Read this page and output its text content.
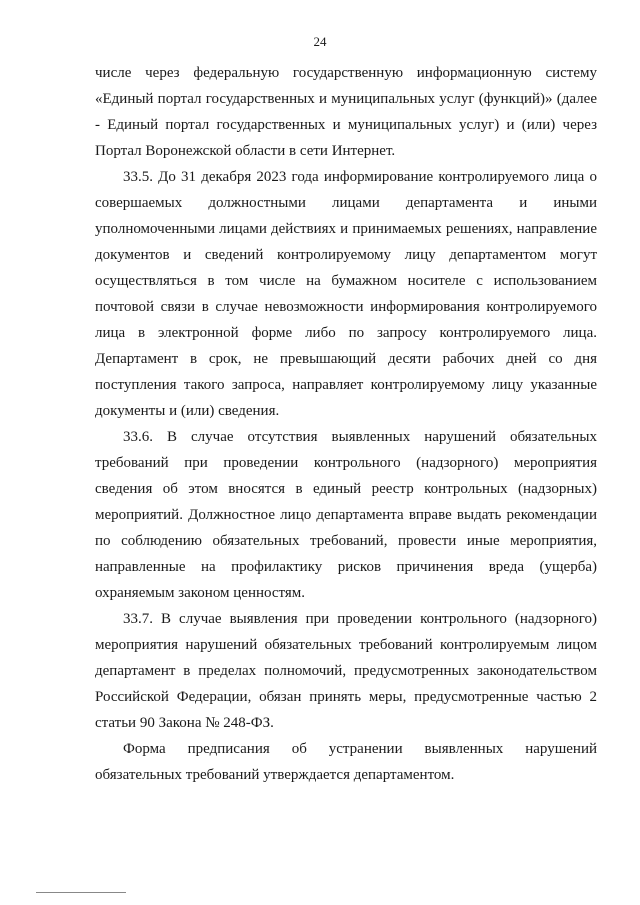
24
числе через федеральную государственную информационную систему
«Единый портал государственных и муниципальных услуг (функций)» (далее
- Единый портал государственных и муниципальных услуг) и (или) через
Портал Воронежской области в сети Интернет.
33.5. До 31 декабря 2023 года информирование контролируемого лица о
совершаемых должностными лицами департамента и иными
уполномоченными лицами действиях и принимаемых решениях, направление
документов и сведений контролируемому лицу департаментом могут
осуществляться в том числе на бумажном носителе с использованием
почтовой связи в случае невозможности информирования контролируемого
лица в электронной форме либо по запросу контролируемого лица.
Департамент в срок, не превышающий десяти рабочих дней со дня
поступления такого запроса, направляет контролируемому лицу указанные
документы и (или) сведения.
33.6. В случае отсутствия выявленных нарушений обязательных
требований при проведении контрольного (надзорного) мероприятия
сведения об этом вносятся в единый реестр контрольных (надзорных)
мероприятий. Должностное лицо департамента вправе выдать рекомендации
по соблюдению обязательных требований, провести иные мероприятия,
направленные на профилактику рисков причинения вреда (ущерба)
охраняемым законом ценностям.
33.7. В случае выявления при проведении контрольного (надзорного)
мероприятия нарушений обязательных требований контролируемым лицом
департамент в пределах полномочий, предусмотренных законодательством
Российской Федерации, обязан принять меры, предусмотренные частью 2
статьи 90 Закона № 248-ФЗ.
Форма предписания об устранении выявленных нарушений
обязательных требований утверждается департаментом.
